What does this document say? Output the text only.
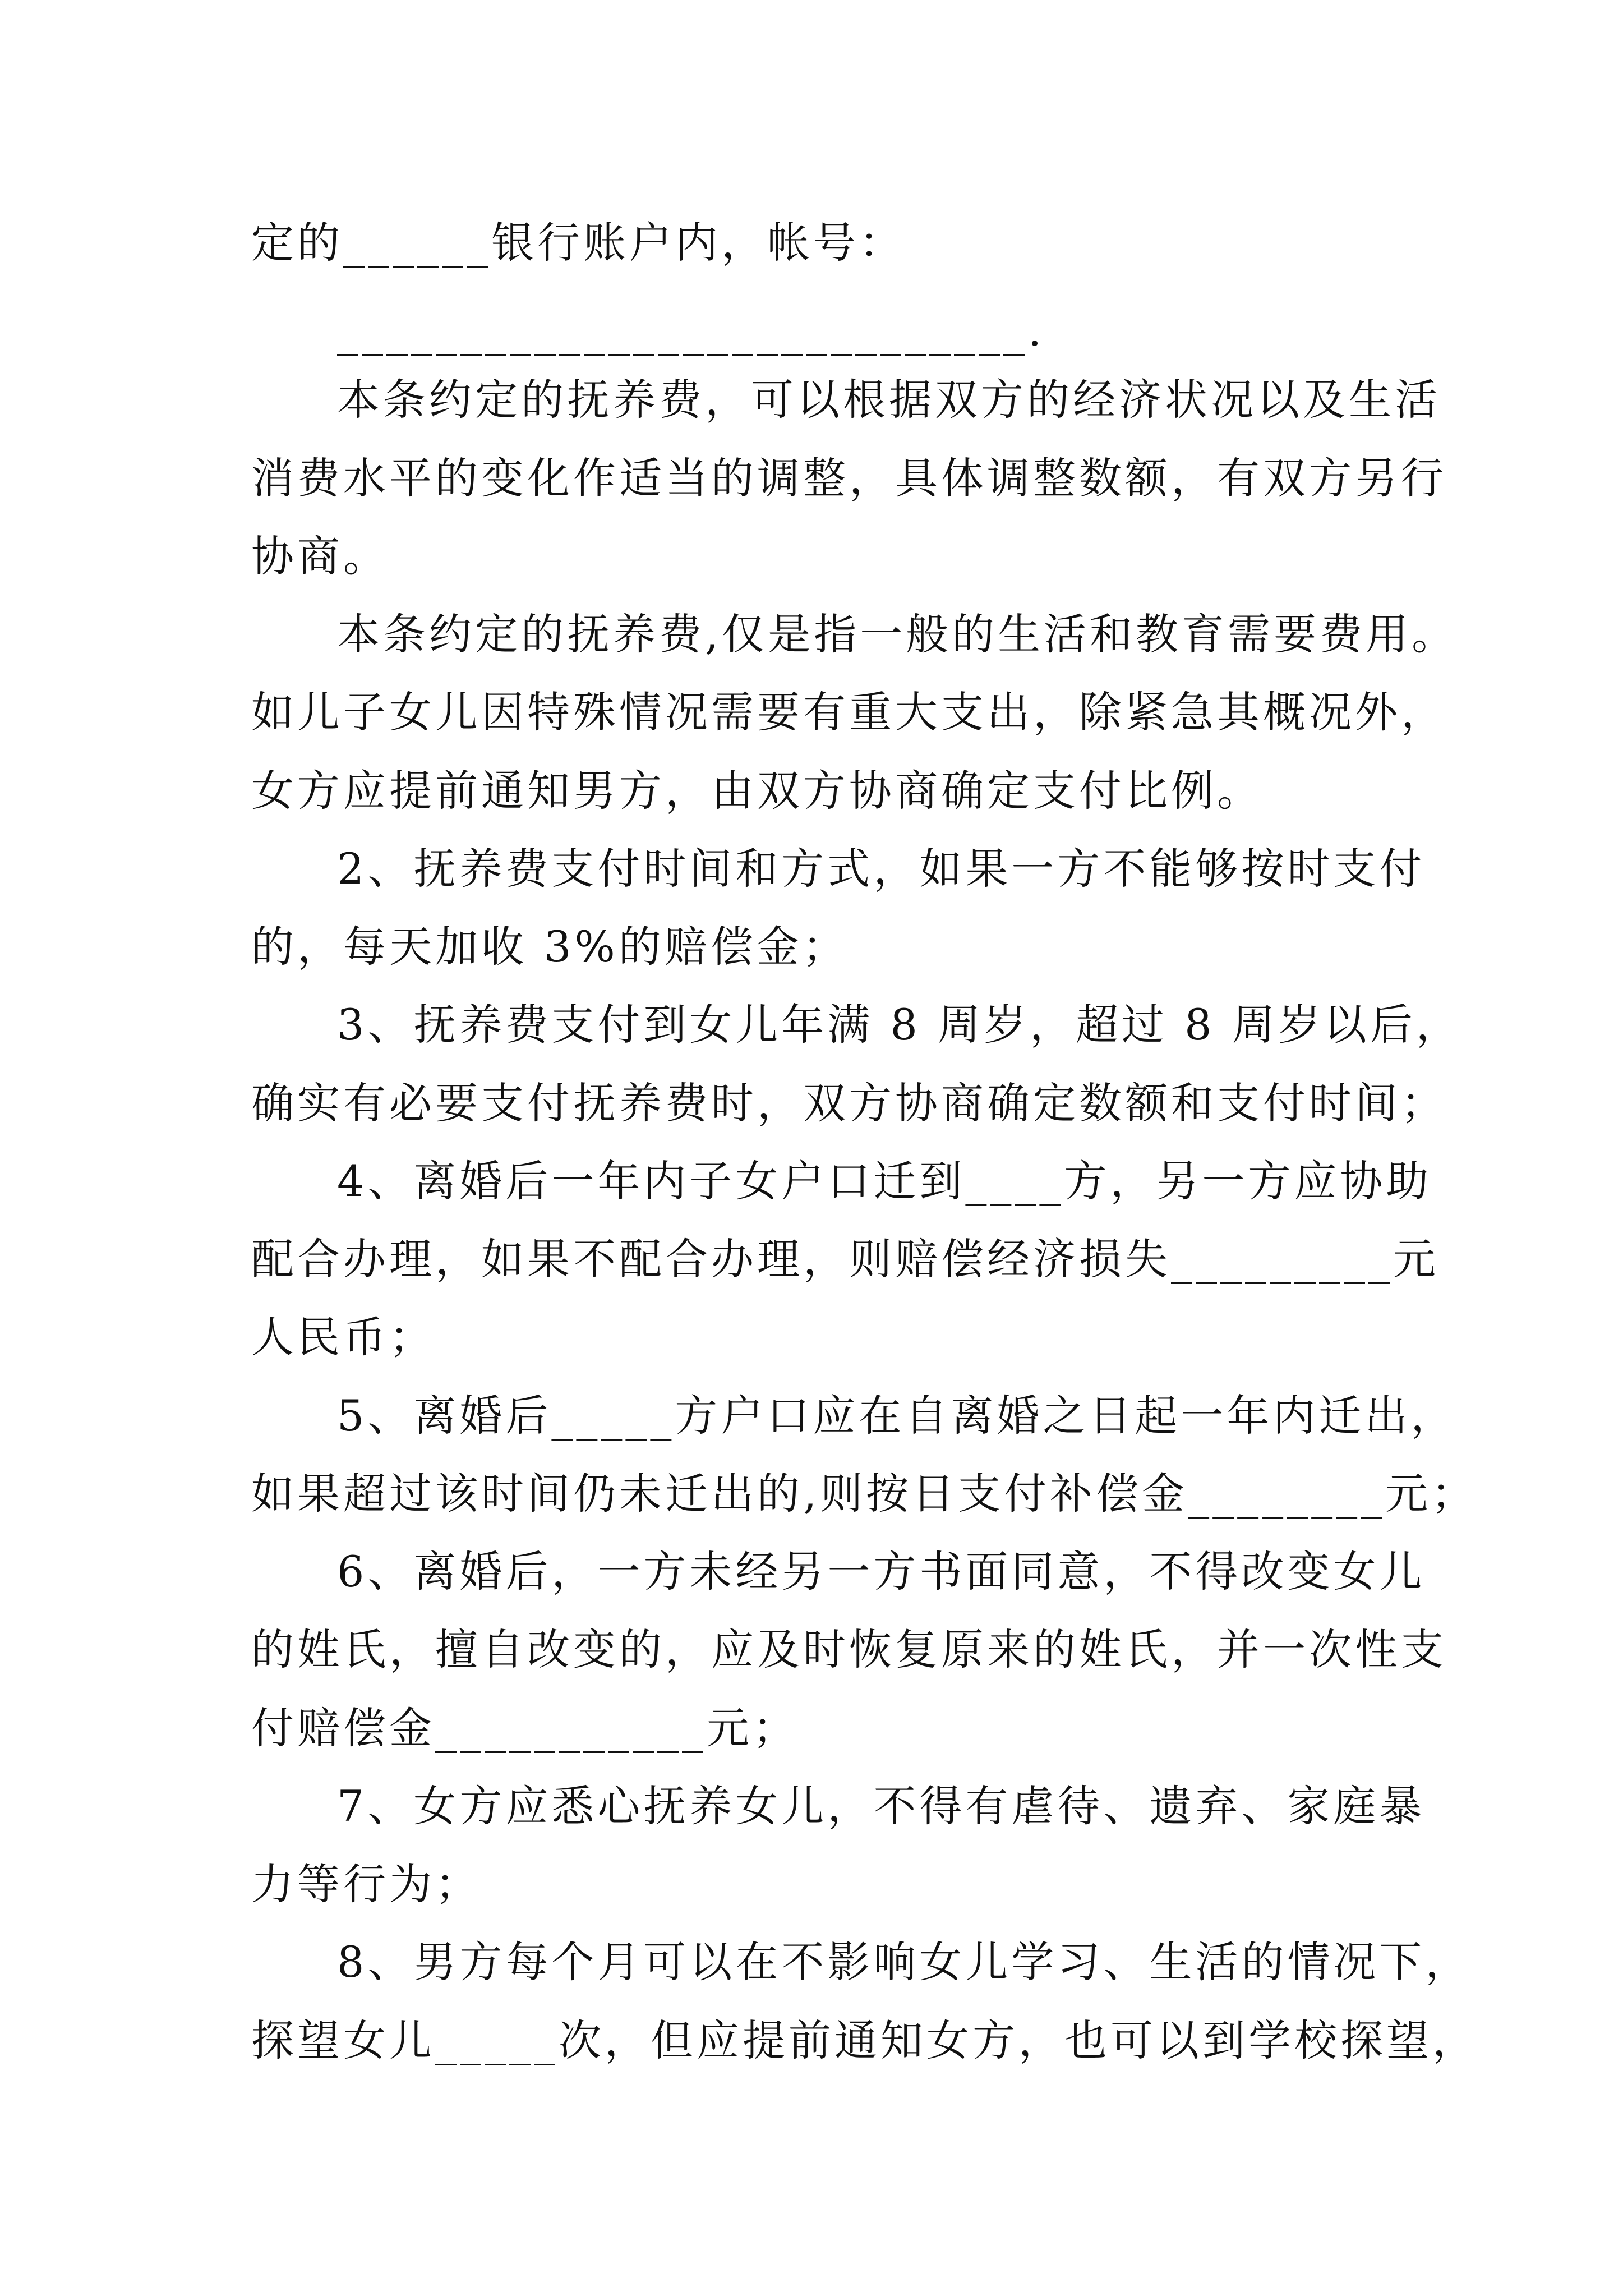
定的______银行账户内，帐号：
____________________________.
本条约定的抚养费，可以根据双方的经济状况以及生活
消费水平的变化作适当的调整，具体调整数额，有双方另行
协商。
本条约定的抚养费,仅是指一般的生活和教育需要费用。
如儿子女儿因特殊情况需要有重大支出，除紧急其概况外，
女方应提前通知男方，由双方协商确定支付比例。
2、抚养费支付时间和方式，如果一方不能够按时支付
的，每天加收 3%的赔偿金；
3、抚养费支付到女儿年满 8 周岁，超过 8 周岁以后，
确实有必要支付抚养费时，双方协商确定数额和支付时间；
4、离婚后一年内子女户口迁到____方，另一方应协助
配合办理，如果不配合办理，则赔偿经济损失_________元
人民币；
5、离婚后_____方户口应在自离婚之日起一年内迁出，
如果超过该时间仍未迁出的,则按日支付补偿金________元；
6、离婚后，一方未经另一方书面同意，不得改变女儿
的姓氏，擅自改变的，应及时恢复原来的姓氏，并一次性支
付赔偿金___________元；
7、女方应悉心抚养女儿，不得有虐待、遗弃、家庭暴
力等行为；
8、男方每个月可以在不影响女儿学习、生活的情况下，
探望女儿_____次，但应提前通知女方，也可以到学校探望，
